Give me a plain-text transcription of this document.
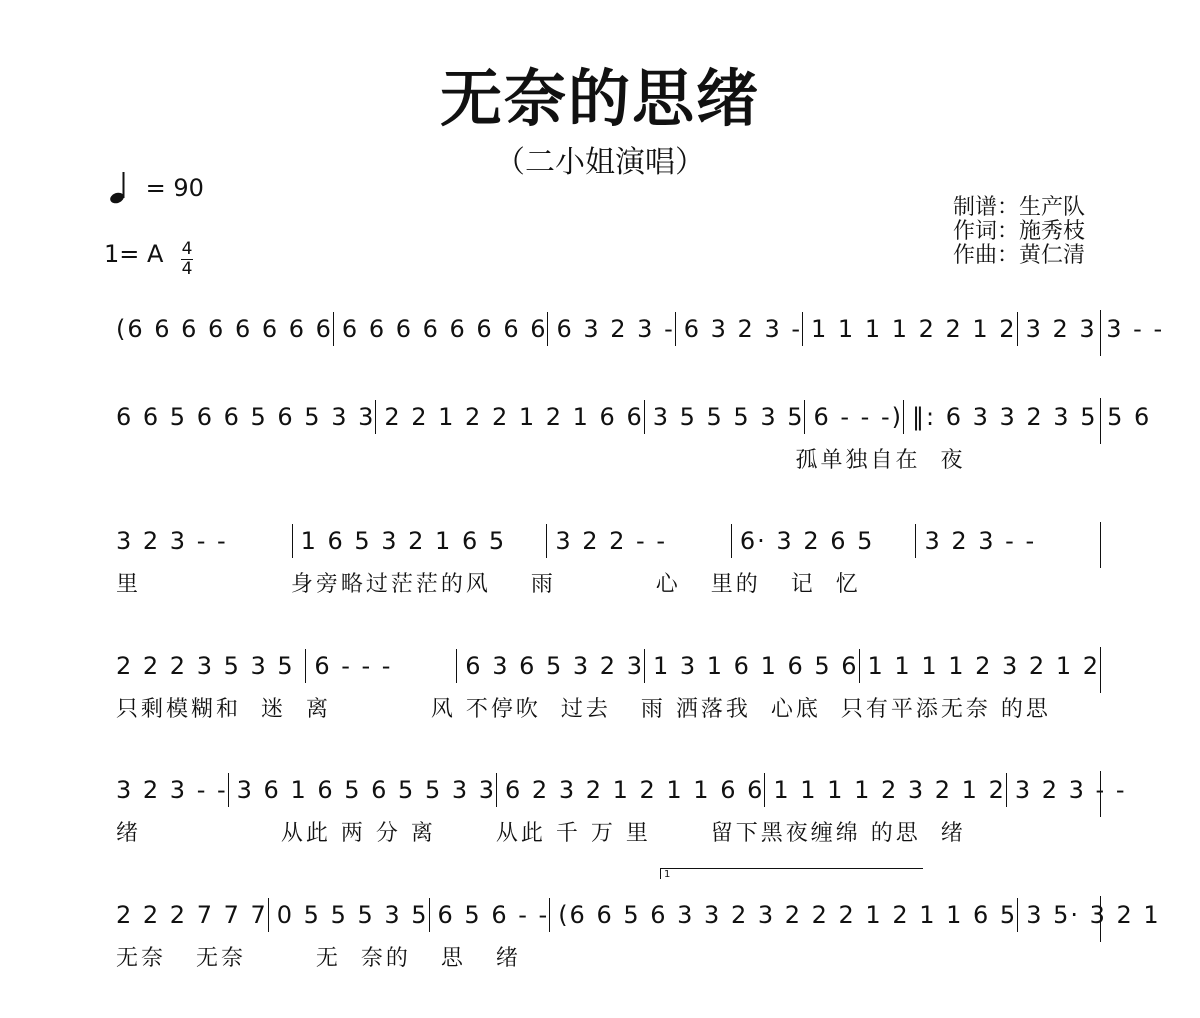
无奈的思绪
（二小姐演唱）
= 90
1= A $\frac{4}{4}$
制谱：生产队
作词：施秀枝
作曲：黄仁清
1
(6 6 6 6 6 6 6 6 6 6 6 6 6 6 6 6 6 3 2 3 - 6 3 2 3 - 1 1 1 1 2 2 1 2 3 2 3 3 - -
6 6 5 6 6 5 6 5 3 3 2 2 1 2 2 1 2 1 6 6 3 5 5 5 3 5 6 - - -) ‖: 6 3 3 2 3 5 5 6
孤单独自在  夜
3 2 3 - -	1 6 5 3 2 1 6 5	3 2 2 - -	6· 3 2 6 5	3 2 3 - -
里               身旁略过茫茫的风    雨          心   里的   记  忆
2 2 2 3 5 3 5 6 - - -	6 3 6 5 3 2 3 1 3 1 6 1 6 5 6 1 1 1 1 2 3 2 1 2
只剩模糊和  迷  离          风 不停吹  过去   雨 洒落我  心底  只有平添无奈 的思
3 2 3 - - 3 6 1 6 5 6 5 5 3 3 6 2 3 2 1 2 1 1 6 6 1 1 1 1 2 3 2 1 2 3 2 3 - -
绪              从此 两 分 离      从此 千 万 里      留下黑夜缠绵 的思  绪
2 2 2 7 7 7 0 5 5 5 3 5 6 5 6 - - (6 6 5 6 3 3 2 3 2 2 2 1 2 1 1 6 5 3 5· 3 2 1
无奈   无奈       无  奈的   思   绪
